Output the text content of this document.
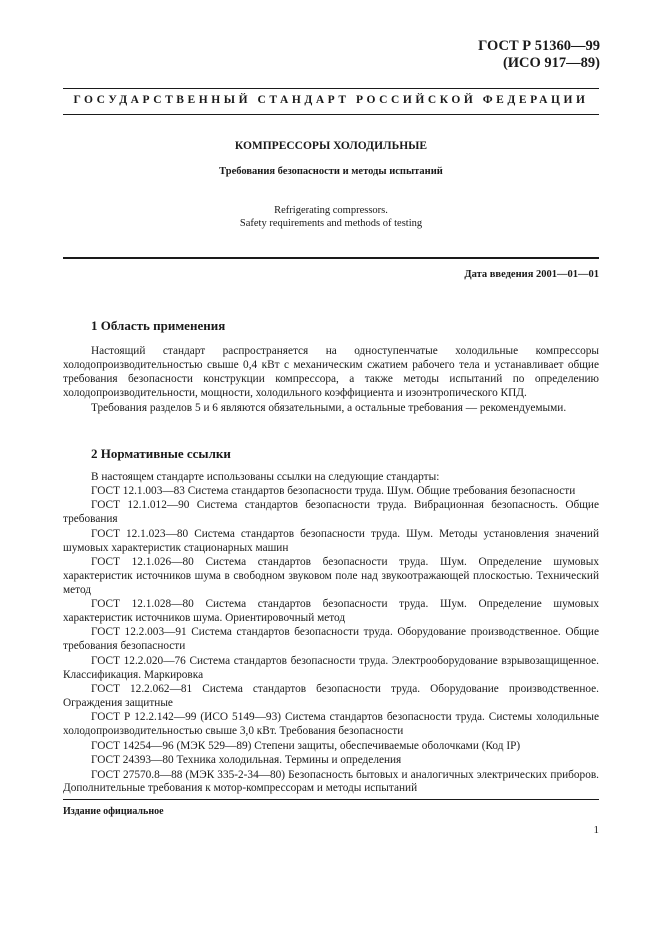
ГОСТ Р 51360—99
(ИСО 917—89)
ГОСУДАРСТВЕННЫЙ СТАНДАРТ РОССИЙСКОЙ ФЕДЕРАЦИИ
КОМПРЕССОРЫ ХОЛОДИЛЬНЫЕ
Требования безопасности и методы испытаний
Refrigerating compressors.
Safety requirements and methods of testing
Дата введения 2001—01—01
1 Область применения

Настоящий стандарт распространяется на одноступенчатые холодильные компрессоры холодопроизводительностью свыше 0,4 кВт с механическим сжатием рабочего тела и устанавливает общие требования безопасности конструкции компрессора, а также методы испытаний по определению холодопроизводительности, мощности, холодильного коэффициента и изоэнтропического КПД.

Требования разделов 5 и 6 являются обязательными, а остальные требования — рекомендуемыми.

2 Нормативные ссылки

В настоящем стандарте использованы ссылки на следующие стандарты:

ГОСТ 12.1.003—83 Система стандартов безопасности труда. Шум. Общие требования безопасности

ГОСТ 12.1.012—90 Система стандартов безопасности труда. Вибрационная безопасность. Общие требования

ГОСТ 12.1.023—80 Система стандартов безопасности труда. Шум. Методы установления значений шумовых характеристик стационарных машин

ГОСТ 12.1.026—80 Система стандартов безопасности труда. Шум. Определение шумовых характеристик источников шума в свободном звуковом поле над звукоотражающей плоскостью. Технический метод

ГОСТ 12.1.028—80 Система стандартов безопасности труда. Шум. Определение шумовых характеристик источников шума. Ориентировочный метод

ГОСТ 12.2.003—91 Система стандартов безопасности труда. Оборудование производственное. Общие требования безопасности

ГОСТ 12.2.020—76 Система стандартов безопасности труда. Электрооборудование взрывозащищенное. Классификация. Маркировка

ГОСТ 12.2.062—81 Система стандартов безопасности труда. Оборудование производственное. Ограждения защитные

ГОСТ Р 12.2.142—99 (ИСО 5149—93) Система стандартов безопасности труда. Системы холодильные холодопроизводительностью свыше 3,0 кВт. Требования безопасности

ГОСТ 14254—96 (МЭК 529—89) Степени защиты, обеспечиваемые оболочками (Код IP)

ГОСТ 24393—80 Техника холодильная. Термины и определения

ГОСТ 27570.8—88 (МЭК 335-2-34—80) Безопасность бытовых и аналогичных электрических приборов. Дополнительные требования к мотор-компрессорам и методы испытаний

Издание официальное
1
